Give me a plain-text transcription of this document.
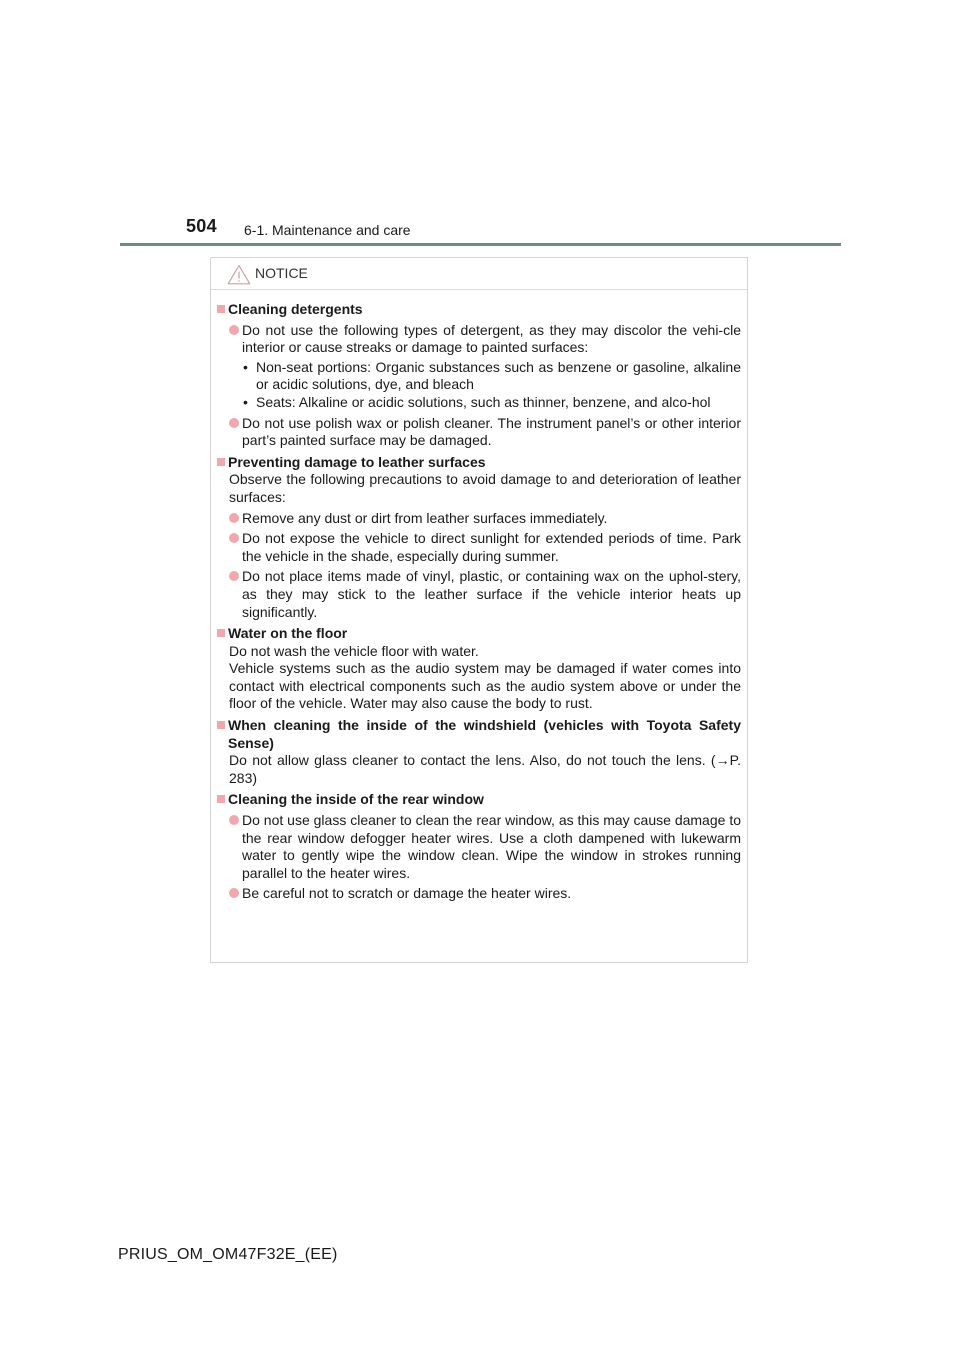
504 6-1. Maintenance and care
NOTICE
Cleaning detergents
Do not use the following types of detergent, as they may discolor the vehi-cle interior or cause streaks or damage to painted surfaces:
• Non-seat portions: Organic substances such as benzene or gasoline, alkaline or acidic solutions, dye, and bleach
• Seats: Alkaline or acidic solutions, such as thinner, benzene, and alco-hol
Do not use polish wax or polish cleaner. The instrument panel’s or other interior part’s painted surface may be damaged.
Preventing damage to leather surfaces
Observe the following precautions to avoid damage to and deterioration of leather surfaces:
Remove any dust or dirt from leather surfaces immediately.
Do not expose the vehicle to direct sunlight for extended periods of time. Park the vehicle in the shade, especially during summer.
Do not place items made of vinyl, plastic, or containing wax on the uphol-stery, as they may stick to the leather surface if the vehicle interior heats up significantly.
Water on the floor
Do not wash the vehicle floor with water.
Vehicle systems such as the audio system may be damaged if water comes into contact with electrical components such as the audio system above or under the floor of the vehicle. Water may also cause the body to rust.
When cleaning the inside of the windshield (vehicles with Toyota Safety Sense)
Do not allow glass cleaner to contact the lens. Also, do not touch the lens. (→P. 283)
Cleaning the inside of the rear window
Do not use glass cleaner to clean the rear window, as this may cause damage to the rear window defogger heater wires. Use a cloth dampened with lukewarm water to gently wipe the window clean. Wipe the window in strokes running parallel to the heater wires.
Be careful not to scratch or damage the heater wires.
PRIUS_OM_OM47F32E_(EE)
